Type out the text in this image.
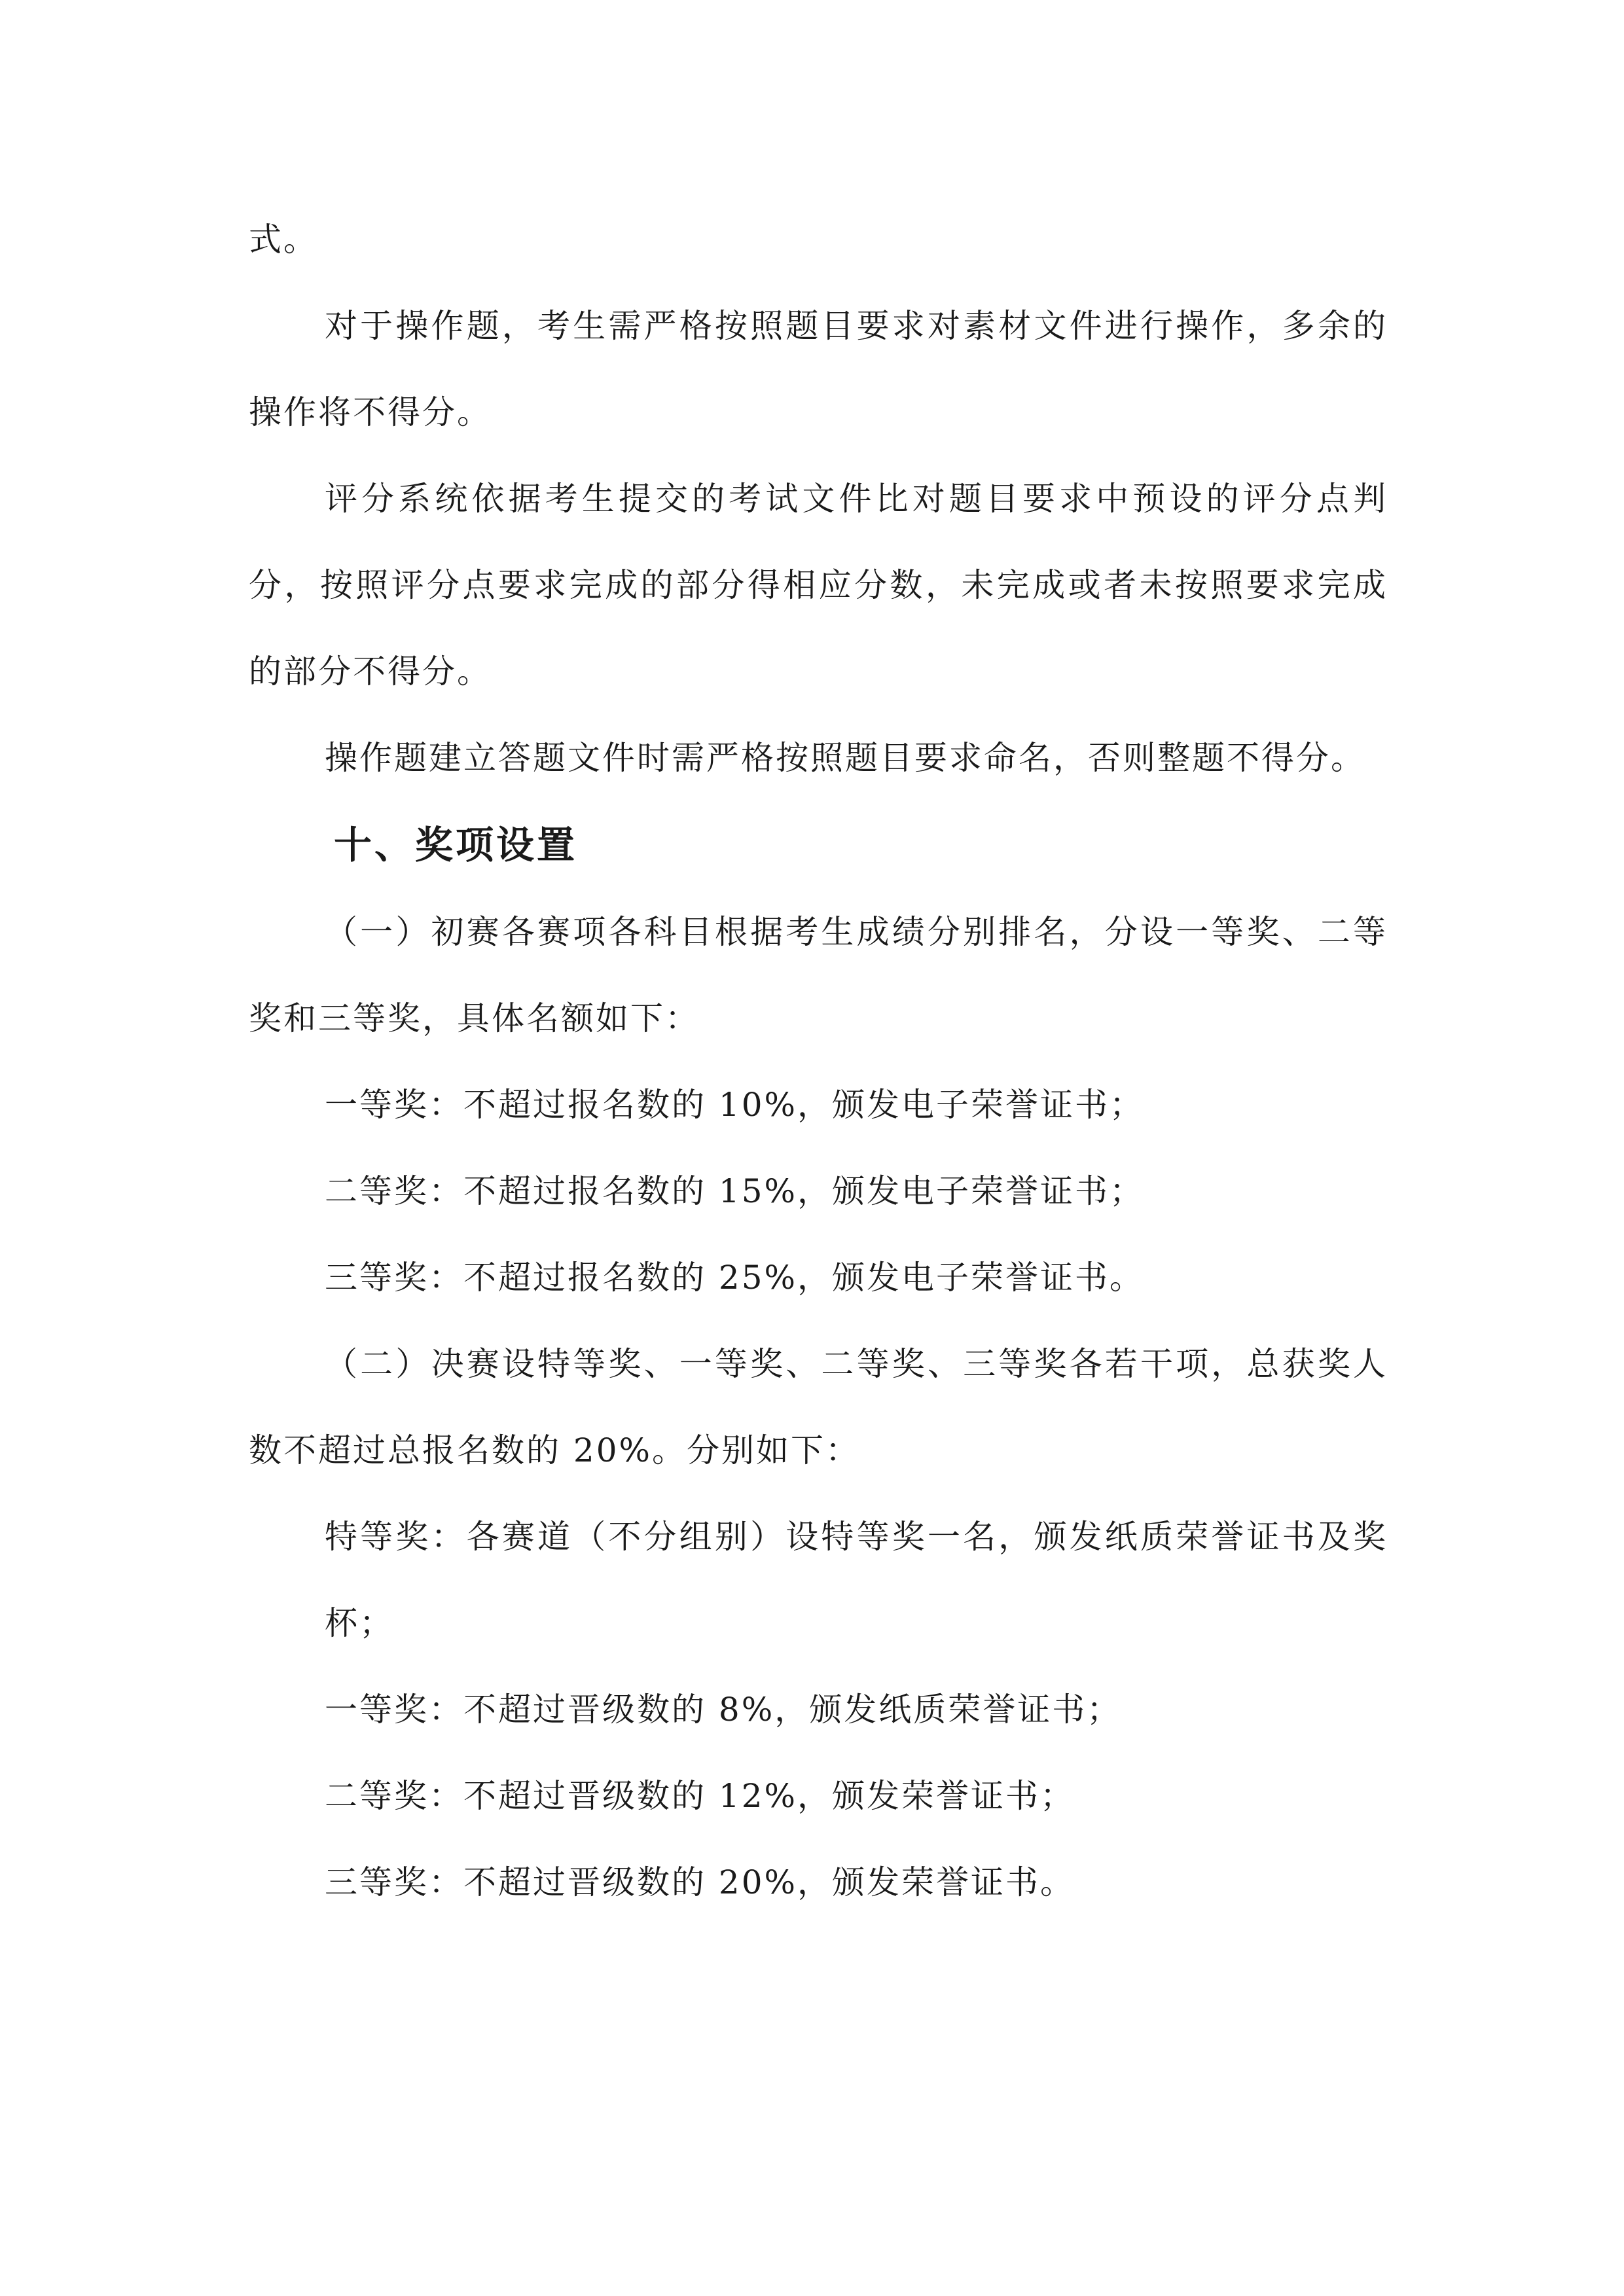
式。

对于操作题，考生需严格按照题目要求对素材文件进行操作，多余的操作将不得分。

评分系统依据考生提交的考试文件比对题目要求中预设的评分点判分，按照评分点要求完成的部分得相应分数，未完成或者未按照要求完成的部分不得分。

操作题建立答题文件时需严格按照题目要求命名，否则整题不得分。

十、奖项设置

（一）初赛各赛项各科目根据考生成绩分别排名，分设一等奖、二等奖和三等奖，具体名额如下：

一等奖：不超过报名数的 10%，颁发电子荣誉证书；

二等奖：不超过报名数的 15%，颁发电子荣誉证书；

三等奖：不超过报名数的 25%，颁发电子荣誉证书。

（二）决赛设特等奖、一等奖、二等奖、三等奖各若干项，总获奖人数不超过总报名数的 20%。分别如下：

特等奖：各赛道（不分组别）设特等奖一名，颁发纸质荣誉证书及奖杯；

一等奖：不超过晋级数的 8%，颁发纸质荣誉证书；

二等奖：不超过晋级数的 12%，颁发荣誉证书；

三等奖：不超过晋级数的 20%，颁发荣誉证书。
